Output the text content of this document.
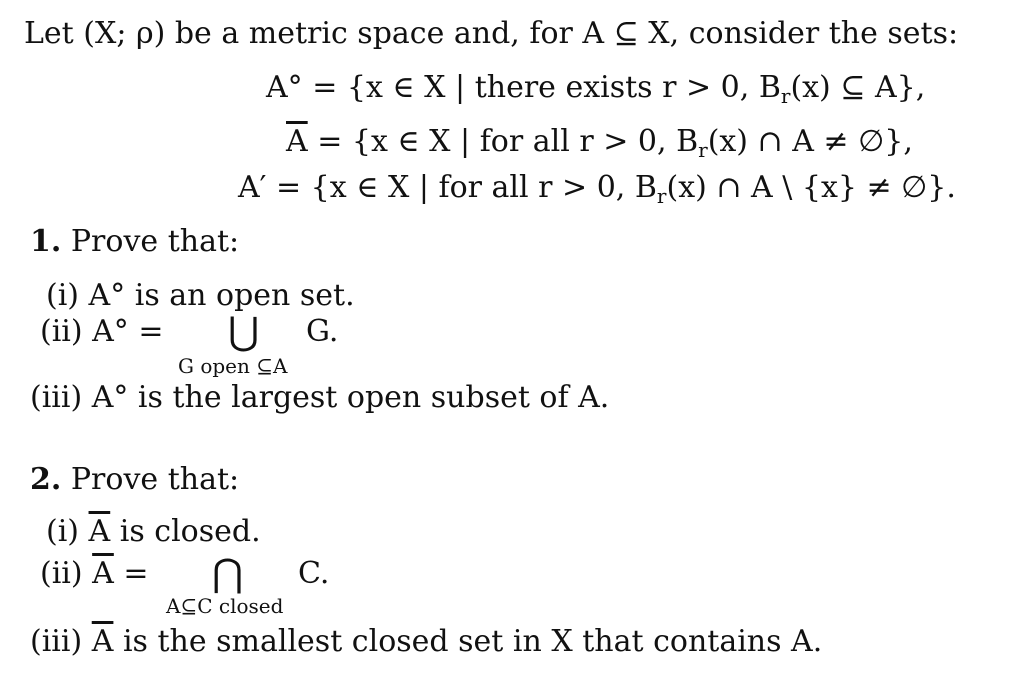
Let (X; ρ) be a metric space and, for A ⊆ X, consider the sets:
A° = {x ∈ X | there exists r > 0, $B_r(x)$ ⊆ A},
$\overline{A} = \{x$ ∈ X | for all r > 0, $B_r(x)$ ∩ A ≠ ∅},
A′ = {x ∈ X | for all r > 0, $B_r(x)$ ∩ A \ {x} ≠ ∅}.
1. Prove that:
(i) A° is an open set.
(ii) A° = ⋃ G.
G open ⊆A
(iii) A° is the largest open subset of A.
2. Prove that:
(i) $\overline{A}$ is closed.
(ii) $\overline{A}$ = ⋂ C.
A⊆C closed
(iii) $\overline{A}$ is the smallest closed set in X that contains A.
